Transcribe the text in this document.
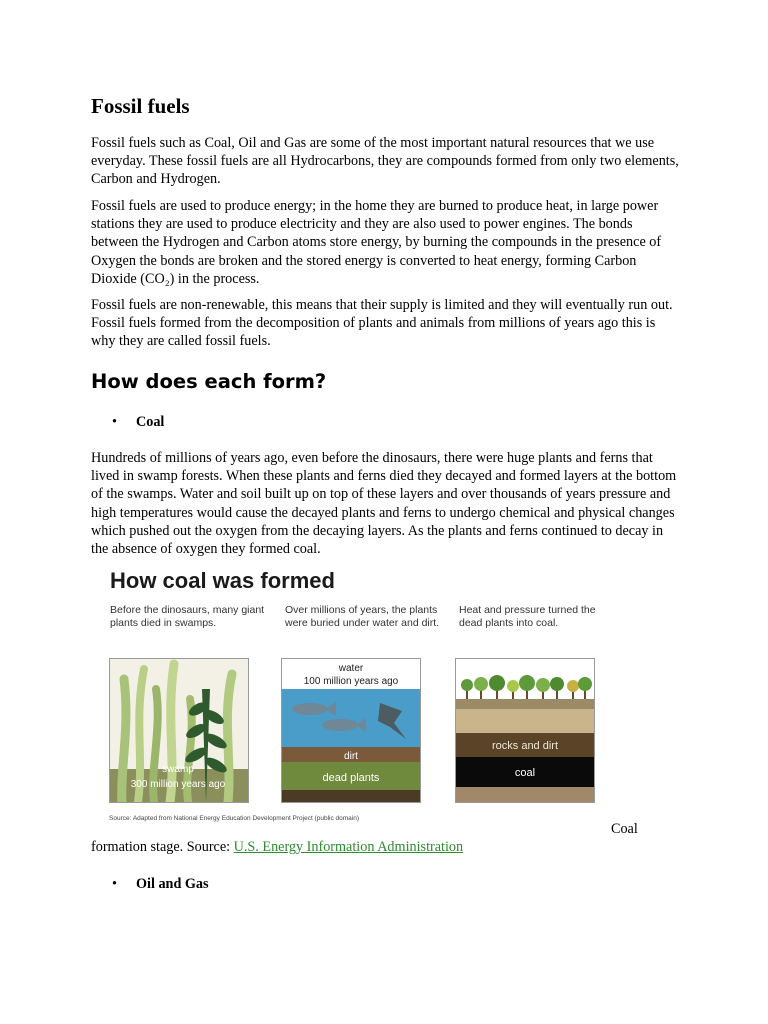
Fossil fuels

Fossil fuels such as Coal, Oil and Gas are some of the most important natural resources that we use everyday. These fossil fuels are all Hydrocarbons, they are compounds formed from only two elements, Carbon and Hydrogen.

Fossil fuels are used to produce energy; in the home they are burned to produce heat, in large power stations they are used to produce electricity and they are also used to power engines. The bonds between the Hydrogen and Carbon atoms store energy, by burning the compounds in the presence of Oxygen the bonds are broken and the stored energy is converted to heat energy, forming Carbon Dioxide (CO₂) in the process.

Fossil fuels are non-renewable, this means that their supply is limited and they will eventually run out. Fossil fuels formed from the decomposition of plants and animals from millions of years ago this is why they are called fossil fuels.

How does each form?

• Coal

Hundreds of millions of years ago, even before the dinosaurs, there were huge plants and ferns that lived in swamp forests. When these plants and ferns died they decayed and formed layers at the bottom of the swamps. Water and soil built up on top of these layers and over thousands of years pressure and high temperatures would cause the decayed plants and ferns to undergo chemical and physical changes which pushed out the oxygen from the decaying layers. As the plants and ferns continued to decay in the absence of oxygen they formed coal.

How coal was formed
Before the dinosaurs, many giant plants died in swamps.
Over millions of years, the plants were buried under water and dirt.
Heat and pressure turned the dead plants into coal.
swamp
300 million years ago
water
100 million years ago
dirt
dead plants
rocks and dirt
coal
Source: Adapted from National Energy Education Development Project (public domain)
Coal
formation stage. Source: U.S. Energy Information Administration

• Oil and Gas
